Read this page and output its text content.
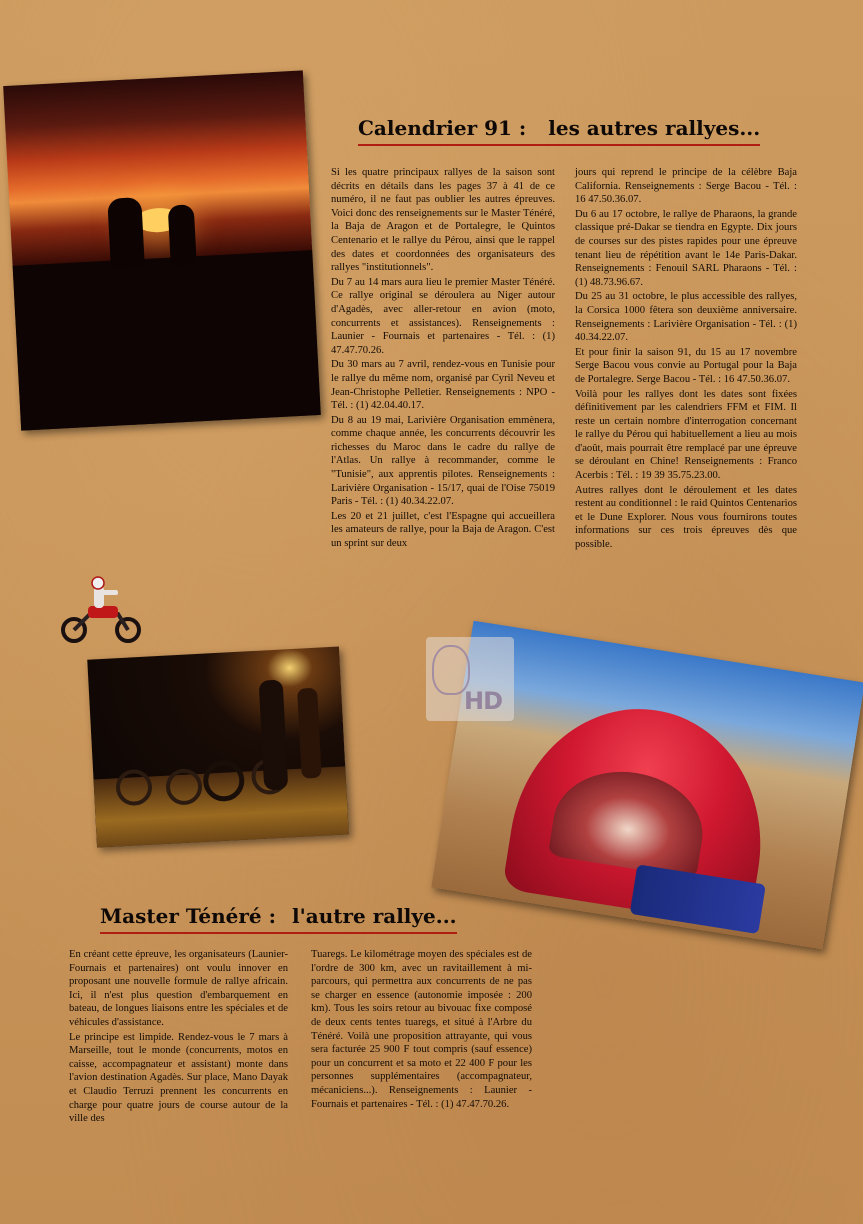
HD
Calendrier 91 : les autres rallyes...

Si les quatre principaux rallyes de la saison sont décrits en détails dans les pages 37 à 41 de ce numéro, il ne faut pas oublier les autres épreuves. Voici donc des renseignements sur le Master Ténéré, la Baja de Aragon et de Portalegre, le Quintos Centenario et le rallye du Pérou, ainsi que le rappel des dates et coordonnées des organisateurs des rallyes "institutionnels".

Du 7 au 14 mars aura lieu le premier Master Ténéré. Ce rallye original se déroulera au Niger autour d'Agadès, avec aller-retour en avion (moto, concurrents et assistances). Renseignements : Launier - Fournais et partenaires - Tél. : (1) 47.47.70.26.

Du 30 mars au 7 avril, rendez-vous en Tunisie pour le rallye du même nom, organisé par Cyril Neveu et Jean-Christophe Pelletier. Renseignements : NPO - Tél. : (1) 42.04.40.17.

Du 8 au 19 mai, Larivière Organisation emmènera, comme chaque année, les concurrents découvrir les richesses du Maroc dans le cadre du rallye de l'Atlas. Un rallye à recommander, comme le "Tunisie", aux apprentis pilotes. Renseignements : Larivière Organisation - 15/17, quai de l'Oise 75019 Paris - Tél. : (1) 40.34.22.07.

Les 20 et 21 juillet, c'est l'Espagne qui accueillera les amateurs de rallye, pour la Baja de Aragon. C'est un sprint sur deux

jours qui reprend le principe de la célèbre Baja California. Renseignements : Serge Bacou - Tél. : 16 47.50.36.07.

Du 6 au 17 octobre, le rallye de Pharaons, la grande classique pré-Dakar se tiendra en Egypte. Dix jours de courses sur des pistes rapides pour une épreuve tenant lieu de répétition avant le 14e Paris-Dakar. Renseignements : Fenouil SARL Pharaons - Tél. : (1) 48.73.96.67.

Du 25 au 31 octobre, le plus accessible des rallyes, la Corsica 1000 fêtera son deuxième anniversaire. Renseignements : Larivière Organisation - Tél. : (1) 40.34.22.07.

Et pour finir la saison 91, du 15 au 17 novembre Serge Bacou vous convie au Portugal pour la Baja de Portalegre. Serge Bacou - Tél. : 16 47.50.36.07.

Voilà pour les rallyes dont les dates sont fixées définitivement par les calendriers FFM et FIM. Il reste un certain nombre d'interrogation concernant le rallye du Pérou qui habituellement a lieu au mois d'août, mais pourrait être remplacé par une épreuve se déroulant en Chine! Renseignements : Franco Acerbis : Tél. : 19 39 35.75.23.00.

Autres rallyes dont le déroulement et les dates restent au conditionnel : le raid Quintos Centenarios et le Dune Explorer. Nous vous fournirons toutes informations sur ces trois épreuves dès que possible.

Master Ténéré : l'autre rallye...

En créant cette épreuve, les organisateurs (Launier-Fournais et partenaires) ont voulu innover en proposant une nouvelle formule de rallye africain. Ici, il n'est plus question d'embarquement en bateau, de longues liaisons entre les spéciales et de véhicules d'assistance.

Le principe est limpide. Rendez-vous le 7 mars à Marseille, tout le monde (concurrents, motos en caisse, accompagnateur et assistant) monte dans l'avion destination Agadès. Sur place, Mano Dayak et Claudio Terruzi prennent les concurrents en charge pour quatre jours de course autour de la ville des

Tuaregs. Le kilométrage moyen des spéciales est de l'ordre de 300 km, avec un ravitaillement à mi-parcours, qui permettra aux concurrents de ne pas se charger en essence (autonomie imposée : 200 km). Tous les soirs retour au bivouac fixe composé de deux cents tentes tuaregs, et situé à l'Arbre du Ténéré. Voilà une proposition attrayante, qui vous sera facturée 25 900 F tout compris (sauf essence) pour un concurrent et sa moto et 22 400 F pour les personnes supplémentaires (accompagnateur, mécaniciens...). Renseignements : Launier - Fournais et partenaires - Tél. : (1) 47.47.70.26.
